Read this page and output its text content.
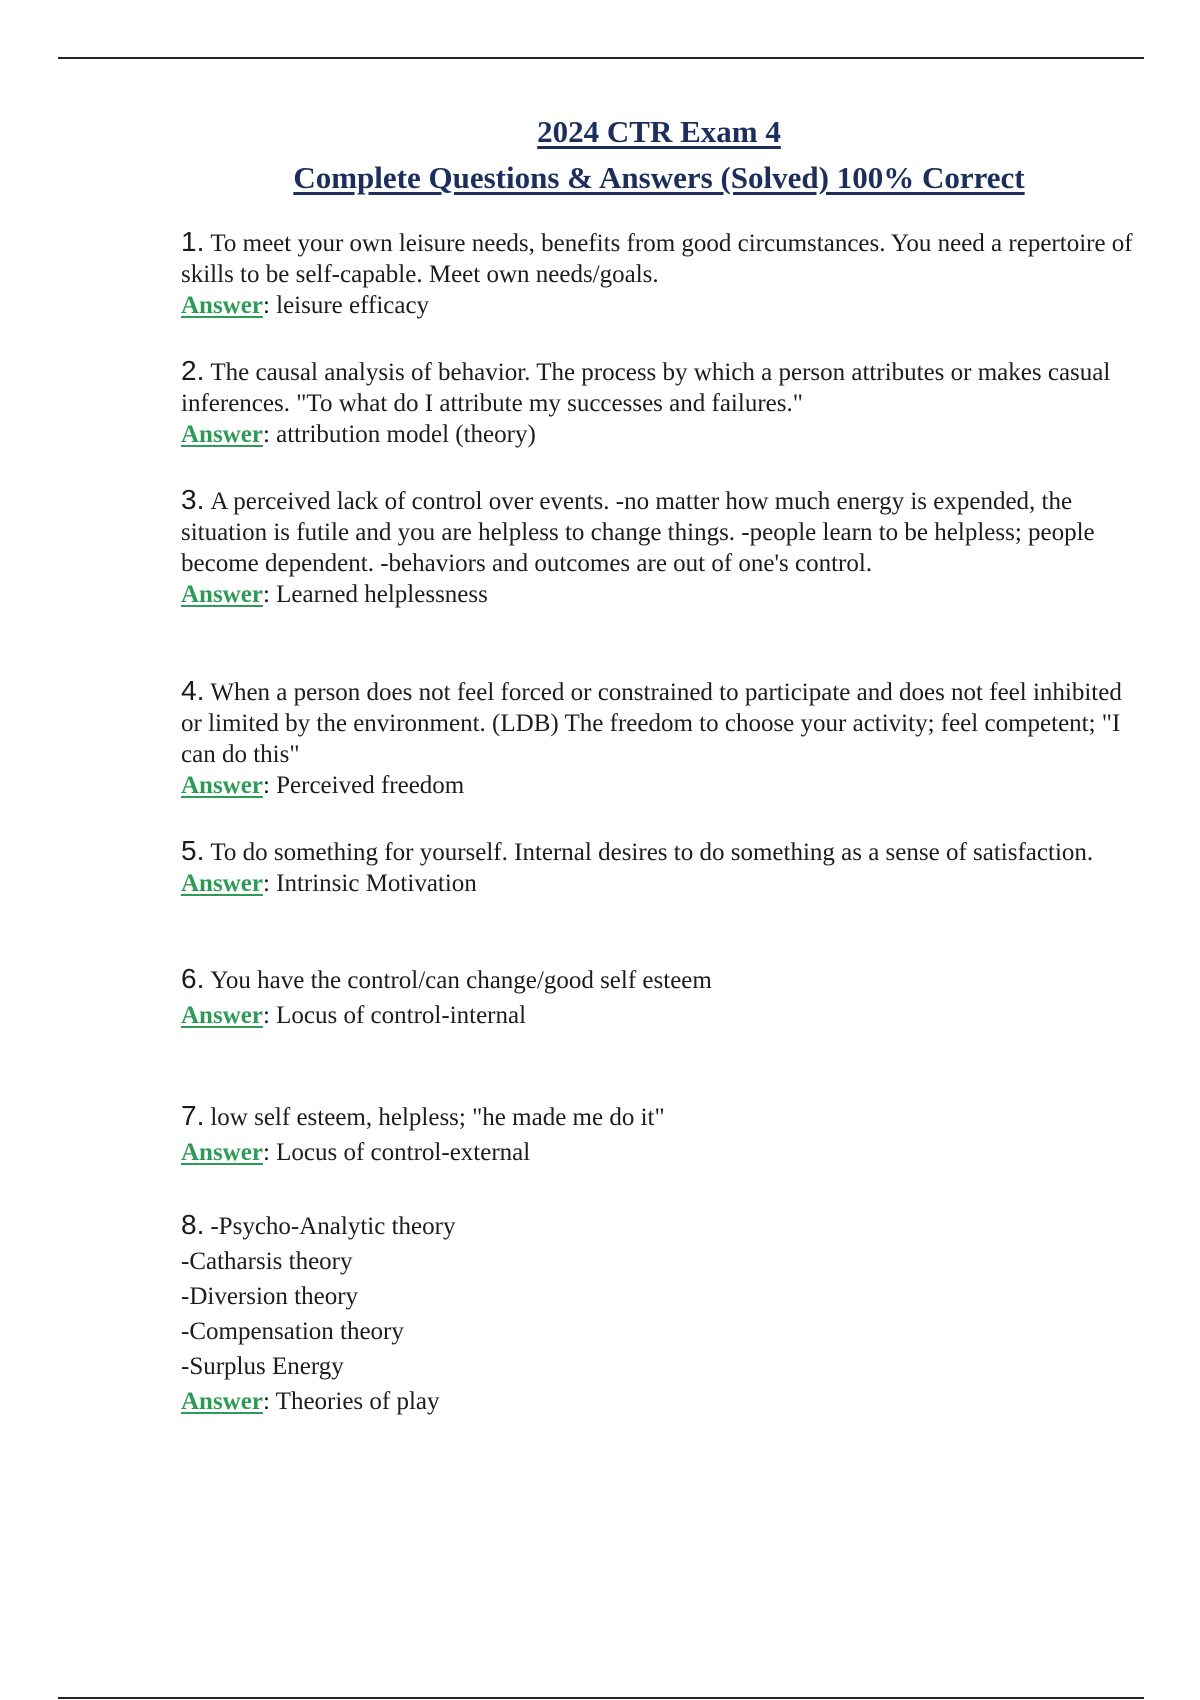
2024 CTR Exam 4
Complete Questions & Answers (Solved) 100% Correct
1. To meet your own leisure needs, benefits from good circumstances. You need a repertoire of skills to be self-capable. Meet own needs/goals.
Answer: leisure efficacy
2. The causal analysis of behavior. The process by which a person attributes or makes casual inferences. "To what do I attribute my successes and failures."
Answer: attribution model (theory)
3. A perceived lack of control over events. -no matter how much energy is expended, the situation is futile and you are helpless to change things. -people learn to be helpless; people become dependent. -behaviors and outcomes are out of one's control.
Answer: Learned helplessness
4. When a person does not feel forced or constrained to participate and does not feel inhibited or limited by the environment. (LDB) The freedom to choose your activity; feel competent; "I can do this"
Answer: Perceived freedom
5. To do something for yourself. Internal desires to do something as a sense of satisfaction.
Answer: Intrinsic Motivation
6. You have the control/can change/good self esteem
Answer: Locus of control-internal
7. low self esteem, helpless; "he made me do it"
Answer: Locus of control-external
8. -Psycho-Analytic theory
-Catharsis theory
-Diversion theory
-Compensation theory
-Surplus Energy
Answer: Theories of play
